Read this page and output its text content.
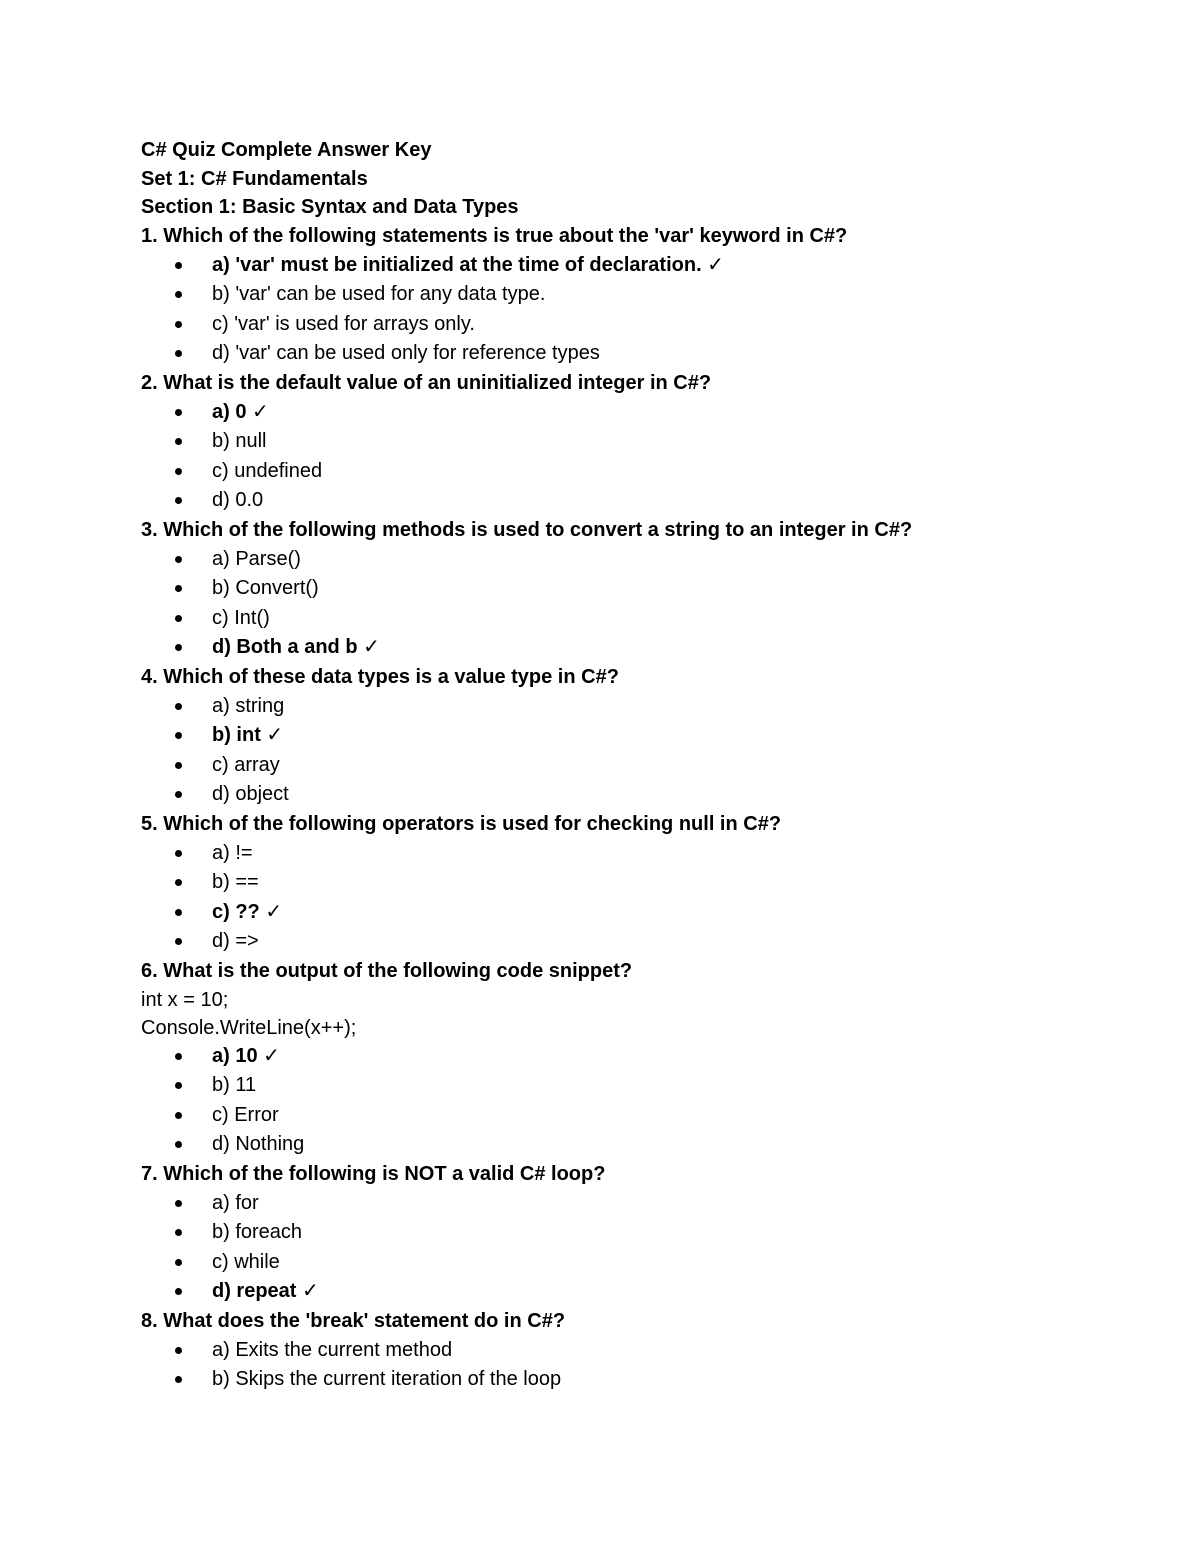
C# Quiz Complete Answer Key
Set 1: C# Fundamentals
Section 1: Basic Syntax and Data Types
1. Which of the following statements is true about the 'var' keyword in C#?
a) 'var' must be initialized at the time of declaration. ✓
b) 'var' can be used for any data type.
c) 'var' is used for arrays only.
d) 'var' can be used only for reference types
2. What is the default value of an uninitialized integer in C#?
a) 0 ✓
b) null
c) undefined
d) 0.0
3. Which of the following methods is used to convert a string to an integer in C#?
a) Parse()
b) Convert()
c) Int()
d) Both a and b ✓
4. Which of these data types is a value type in C#?
a) string
b) int ✓
c) array
d) object
5. Which of the following operators is used for checking null in C#?
a) !=
b) ==
c) ?? ✓
d) =>
6. What is the output of the following code snippet?
int x = 10;
Console.WriteLine(x++);
a) 10 ✓
b) 11
c) Error
d) Nothing
7. Which of the following is NOT a valid C# loop?
a) for
b) foreach
c) while
d) repeat ✓
8. What does the 'break' statement do in C#?
a) Exits the current method
b) Skips the current iteration of the loop
